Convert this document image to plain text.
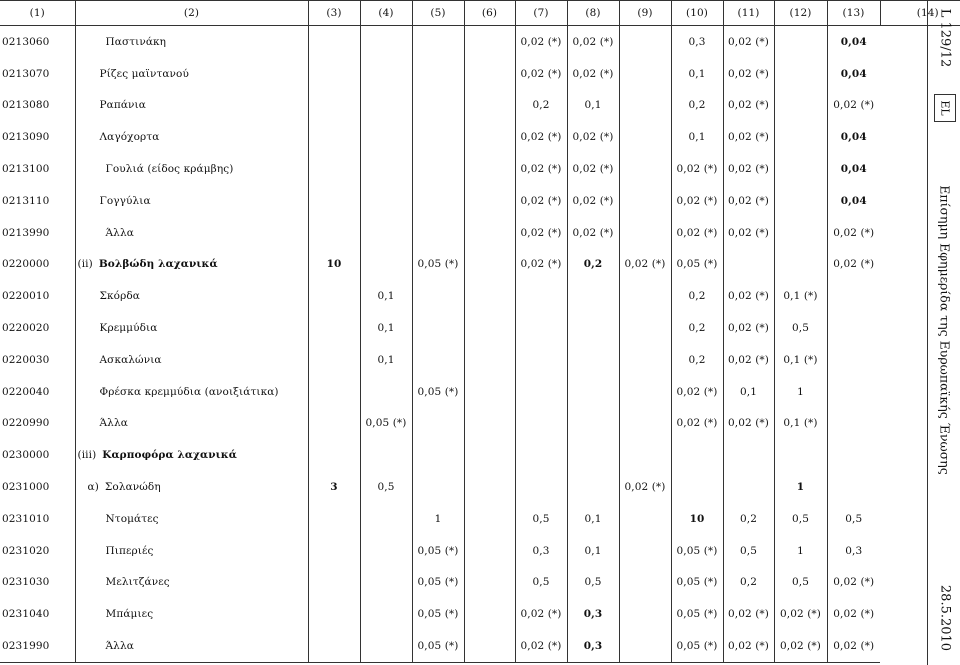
(1)	(2)	(3)	(4)	(5)	(6)	(7)	(8)	(9)	(10)	(11)	(12)	(13)	(14)
0213060	Παστινάκη					0,02 (*)	0,02 (*)		0,3	0,02 (*)		0,04	
0213070	Ρίζες μαϊντανού					0,02 (*)	0,02 (*)		0,1	0,02 (*)		0,04	
0213080	Ραπάνια					0,2	0,1		0,2	0,02 (*)		0,02 (*)	
0213090	Λαγόχορτα					0,02 (*)	0,02 (*)		0,1	0,02 (*)		0,04	
0213100	Γουλιά (είδος κράμβης)					0,02 (*)	0,02 (*)		0,02 (*)	0,02 (*)		0,04	
0213110	Γογγύλια					0,02 (*)	0,02 (*)		0,02 (*)	0,02 (*)		0,04	
0213990	Άλλα					0,02 (*)	0,02 (*)		0,02 (*)	0,02 (*)		0,02 (*)	
0220000	(ii) Βολβώδη λαχανικά	10		0,05 (*)		0,02 (*)	0,2	0,02 (*)	0,05 (*)			0,02 (*)	
0220010	Σκόρδα		0,1						0,2	0,02 (*)	0,1 (*)		
0220020	Κρεμμύδια		0,1						0,2	0,02 (*)	0,5		
0220030	Ασκαλώνια		0,1						0,2	0,02 (*)	0,1 (*)		
0220040	Φρέσκα κρεμμύδια (ανοιξιάτικα)			0,05 (*)					0,02 (*)	0,1	1		
0220990	Άλλα		0,05 (*)						0,02 (*)	0,02 (*)	0,1 (*)		
0230000	(iii) Καρποφόρα λαχανικά												
0231000	α) Σολανώδη	3	0,5					0,02 (*)			1		
0231010	Ντομάτες			1		0,5	0,1		10	0,2	0,5	0,5	
0231020	Πιπεριές			0,05 (*)		0,3	0,1		0,05 (*)	0,5	1	0,3	
0231030	Μελιτζάνες			0,05 (*)		0,5	0,5		0,05 (*)	0,2	0,5	0,02 (*)	
0231040	Μπάμιες			0,05 (*)		0,02 (*)	0,3		0,05 (*)	0,02 (*)	0,02 (*)	0,02 (*)	
0231990	Άλλα			0,05 (*)		0,02 (*)	0,3		0,05 (*)	0,02 (*)	0,02 (*)	0,02 (*)	
L 129/12
EL
Επίσημη Εφημερίδα της Ευρωπαϊκής Ένωσης
28.5.2010
